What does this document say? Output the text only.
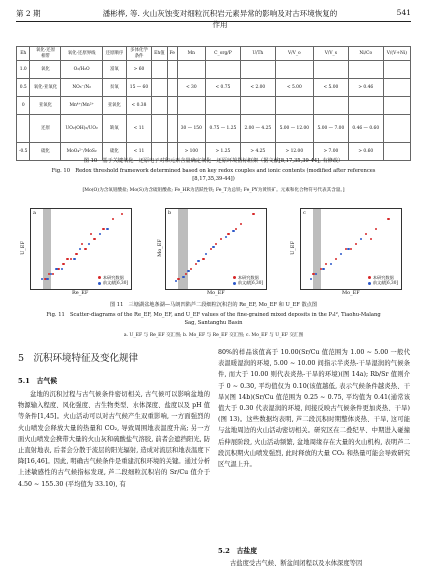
第 2 期	潘彬桦, 等. 火山灰蚀变对细粒沉积岩元素异常的影响及对古环境恢复的作用
541
Eh	氧化-还原
相带	氧化-还原界线	还原顺序	多体化学
条件	Eh值	Fe	Mn	C_org/P	U/Th	V/V_o	V/V_s	Ni/Co	V/(V+Ni)
1.0	氧化	O₂/H₂O	富氧	> 60									
0.5	氧化-亚氧化	NO₃⁻/N₂	贫氧	15 — 60			< 30	< 0.75	< 2.00	< 5.00	< 5.00	> 0.46	
0	亚氧化	Mn⁴⁺/Mn²⁺	亚氧化	< 0.38									
	还原	UO₂(OH)₂/UO₂	缺氧	< 11			30 — 150	0.75 — 1.25	2.00 — 4.25	5.00 — 12.00	5.00 — 7.00	0.46 — 0.60	
-0.5	硫化	MoO₄²⁻/MoS₂	硫化	< 11			> 100	> 1.25	> 4.25	> 12.00	> 7.00	> 0.60	
图 10　基于关键氧化—还原电子对和元素含量确定氧化—还原环境指标框架（据文献[8,17,35,39-44], 有修改）
Fig. 10　Redox threshold framework determined based on key redox couples and ionic contents (modified after references [8,17,35,39-44])
[Mo(O)为含氧钼酸盐; Mo(S)为含硫钼酸盐; Fe_HR为活跃性铁; Fe_T为总铁; Fe_PY为黄铁矿。元素和化合物符号代表其含量。]
本研究数据
前文献[6,30]
a
Re_EF
U_EF
本研究数据
前文献[6,30]
b
Mo_EF
Mo_EF
本研究数据
前文献[6,30]
c
Mo_EF
U_EF
图 11　三塘湖盆地条湖—马朗凹陷芦二段细粒沉积岩的 Re_EF, Mo_EF 和 U_EF 散点图
Fig. 11　Scatter-diagrams of the Re_EF, Mo_EF, and U_EF values of the fine-grained mixed deposits in the P₂l², Tiaohu-Malang Sag, Santanghu Basin
a. U_EF 与 Re_EF 交汇图; b. Mo_EF 与 Re_EF 交汇图; c. Mo_EF 与 U_EF 交汇图
5　沉积环境特征及变化规律
5.1　古气候
盆地的沉积过程与古气候条件密切相关, 古气候可以影响盆地的物源输入程度、风化强度、古生物类型、水体深度、盐度以及 pH 值等条件[1,45]。火山活动可以对古气候产生双重影响, 一方面强烈的火山喷发会释放大量的热量和 CO₂, 导致周围地表温度升高; 另一方面火山喷发会携带大量的火山灰和硫酸盐气溶胶, 前者会遮挡阳光, 防止直射地表, 后者会分散于流层的阳光辐射, 造成对流层和地表温度下降[16,46]。因此, 明确古气候条件是重建沉积环境的关键。通过分析上述敏感性的古气候指标发现, 芦二段细粒沉积岩的 Sr/Cu 值介于 4.50 ~ 155.30 (平均值为 33.10), 有
80%的样品该值高于 10.00(Sr/Cu 值范围为 1.00 ~ 5.00 一般代表温暖湿润的环境, 5.00 ~ 10.00 间指示半炎热-干旱湿润的气候条件, 而大于 10.00 则代表炎热-干旱的环境)(图 14a); Rb/Sr 值则介于 0 ~ 0.30, 平均值仅为 0.10(该值越低, 表示气候条件越炎热、干旱)(图 14b)(Sr/Cu 值范围为 0.25 ~ 0.75, 平均值为 0.41(通常该值大于 0.30 代表湿润的环境, 间接反映古气候条件更加炎热、干旱)(图 13)。这些数据均表明, 芦二段沉积时期整体炎热、干旱, 这可能与盆地周边的火山活动密切相关。研究区在二叠纪早、中期进入碰撞后伸展阶段, 火山活动频繁, 盆地周缘存在大量的火山机构, 表明芦二段沉积期火山喷发强烈, 此时释放的大量 CO₂ 和热量可能会导致研究区气温上升。
5.2　古盐度
古盐度受古气候、断盆间闭程以及水体深度等因
